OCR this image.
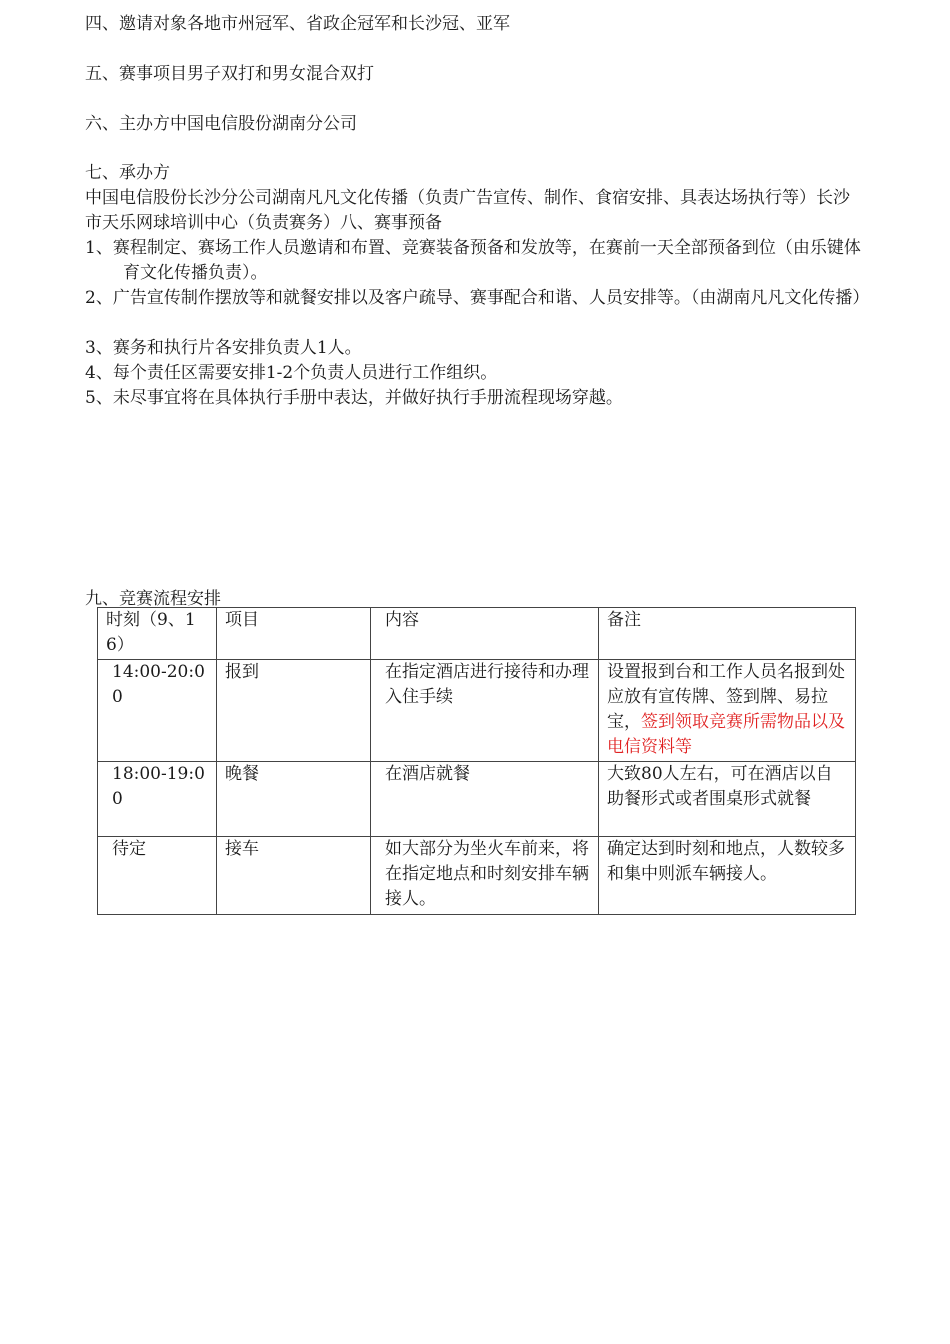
四、邀请对象各地市州冠军、省政企冠军和长沙冠、亚军
五、赛事项目男子双打和男女混合双打
六、主办方中国电信股份湖南分公司
七、承办方
中国电信股份长沙分公司湖南凡凡文化传播（负责广告宣传、制作、食宿安排、具表达场执行等）长沙市天乐网球培训中心（负责赛务）八、赛事预备
1、赛程制定、赛场工作人员邀请和布置、竞赛装备预备和发放等，在赛前一天全部预备到位（由乐键体育文化传播负责）。
2、广告宣传制作摆放等和就餐安排以及客户疏导、赛事配合和谐、人员安排等。（由湖南凡凡文化传播）
3、赛务和执行片各安排负责人1人。
4、每个责任区需要安排1-2个负责人员进行工作组织。
5、未尽事宜将在具体执行手册中表达，并做好执行手册流程现场穿越。
九、竞赛流程安排
时刻（9、16）	项目	内容	备注
14:00-20:00	报到	在指定酒店进行接待和办理入住手续	设置报到台和工作人员名报到处应放有宣传牌、签到牌、易拉宝，签到领取竞赛所需物品以及电信资料等
18:00-19:00	晚餐	在酒店就餐	大致80人左右，可在酒店以自助餐形式或者围桌形式就餐
待定	接车	如大部分为坐火车前来，将在指定地点和时刻安排车辆接人。	确定达到时刻和地点，人数较多和集中则派车辆接人。
